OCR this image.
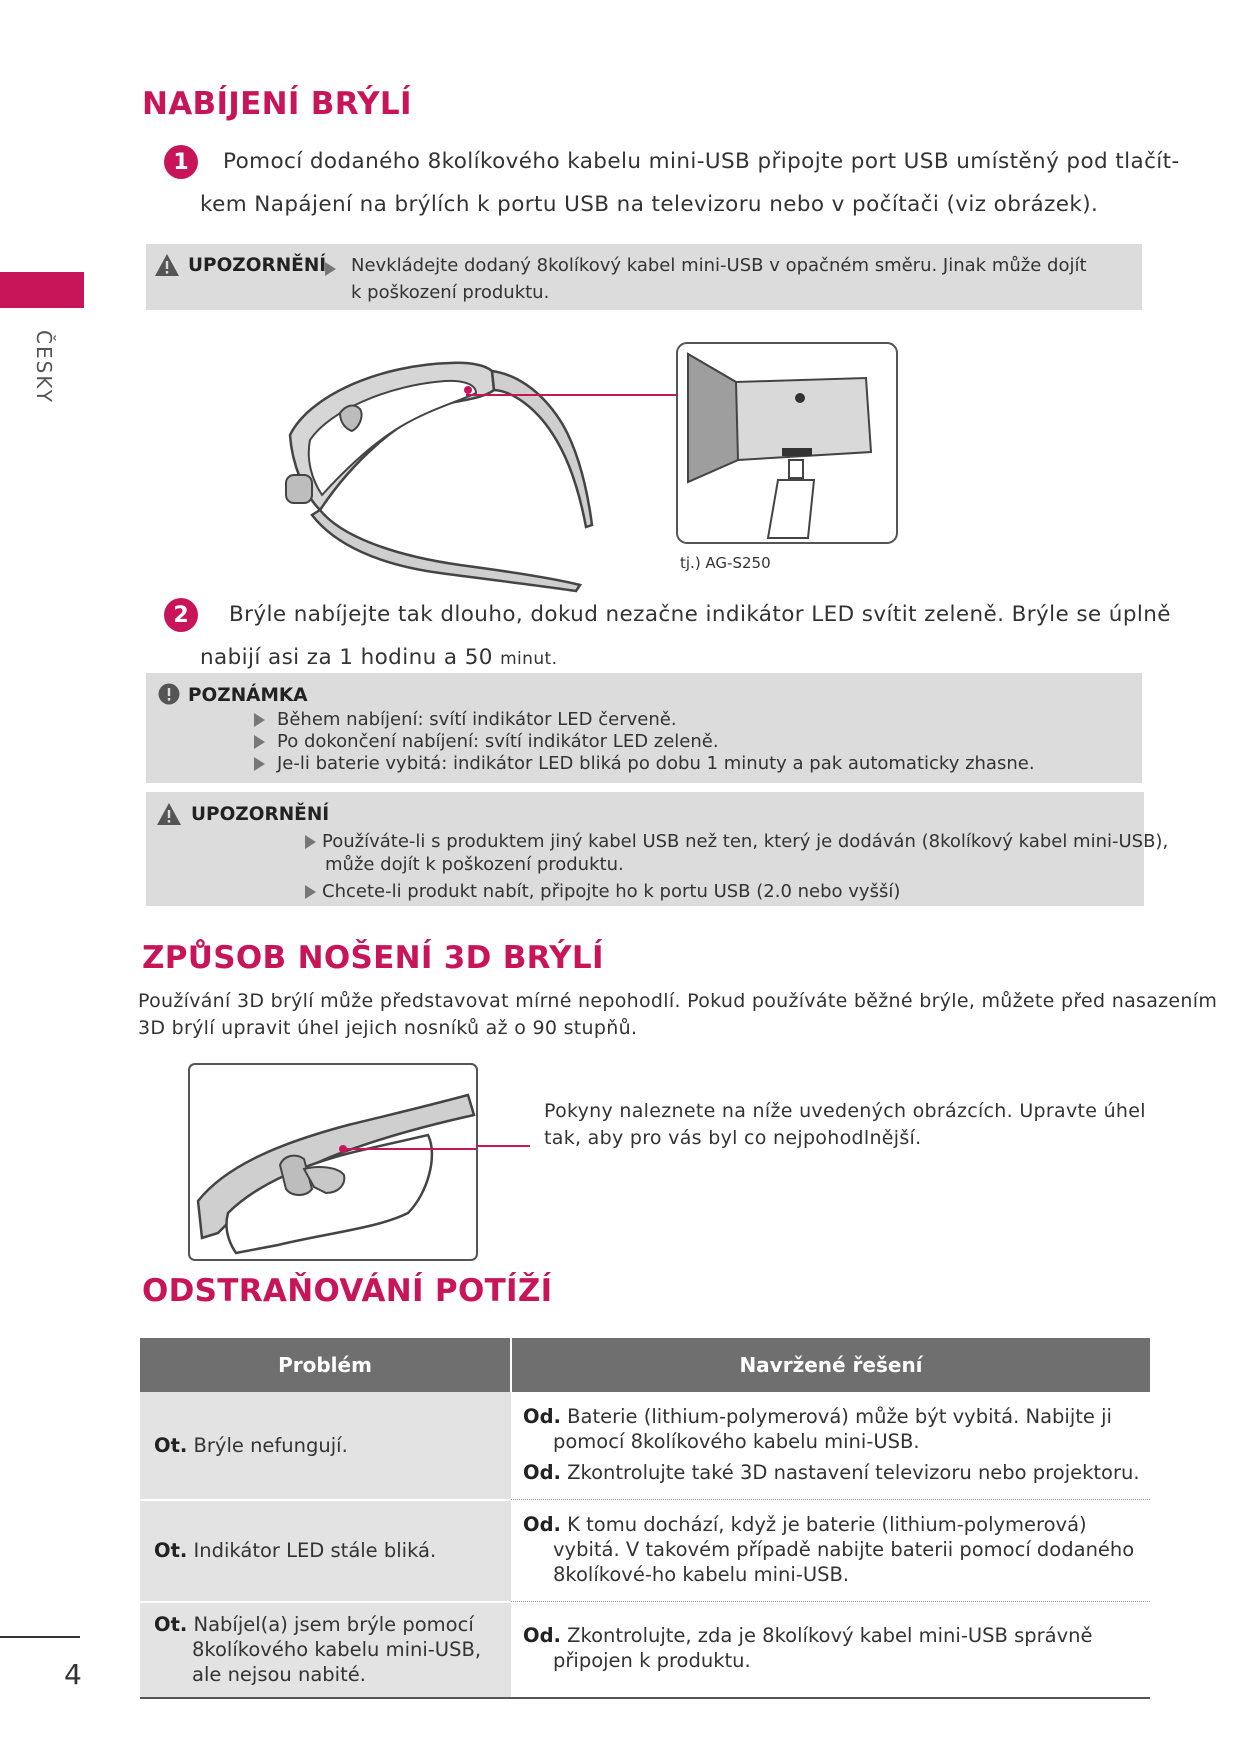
ČESKY
4
NABÍJENÍ BRÝLÍ
1	Pomocí dodaného 8kolíkového kabelu mini-USB připojte port USB umístěný pod tlačít-
kem Napájení na brýlích k portu USB na televizoru nebo v počítači (viz obrázek).
UPOZORNĚNÍ Nevkládejte dodaný 8kolíkový kabel mini-USB v opačném směru. Jinak může dojít
k poškození produktu.
tj.) AG-S250
2	Brýle nabíjejte tak dlouho, dokud nezačne indikátor LED svítit zeleně. Brýle se úplně
nabijí asi za 1 hodinu a 50 minut.
POZNÁMKA
Během nabíjení: svítí indikátor LED červeně.
Po dokončení nabíjení: svítí indikátor LED zeleně.
Je-li baterie vybitá: indikátor LED bliká po dobu 1 minuty a pak automaticky zhasne.
UPOZORNĚNÍ
Používáte-li s produktem jiný kabel USB než ten, který je dodáván (8kolíkový kabel mini-USB),
může dojít k poškození produktu.
Chcete-li produkt nabít, připojte ho k portu USB (2.0 nebo vyšší)
ZPŮSOB NOŠENÍ 3D BRÝLÍ
Používání 3D brýlí může představovat mírné nepohodlí. Pokud používáte běžné brýle, můžete před nasazením
3D brýlí upravit úhel jejich nosníků až o 90 stupňů.
Pokyny naleznete na níže uvedených obrázcích. Upravte úhel
tak, aby pro vás byl co nejpohodlnější.
ODSTRAŇOVÁNÍ POTÍŽÍ
Problém	Navržené řešení

Ot. Brýle nefungují.	Od. Baterie (lithium-polymerová) může být vybitá. Nabijte ji pomocí 8kolíkového kabelu mini-USB.
Od. Zkontrolujte také 3D nastavení televizoru nebo projektoru.

Ot. Indikátor LED stále bliká.	Od. K tomu dochází, když je baterie (lithium-polymerová) vybitá. V takovém případě nabijte baterii pomocí dodaného 8kolíkové-ho kabelu mini-USB.

Ot. Nabíjel(a) jsem brýle pomocí 8kolíkového kabelu mini-USB, ale nejsou nabité.	Od. Zkontrolujte, zda je 8kolíkový kabel mini-USB správně připojen k produktu.
